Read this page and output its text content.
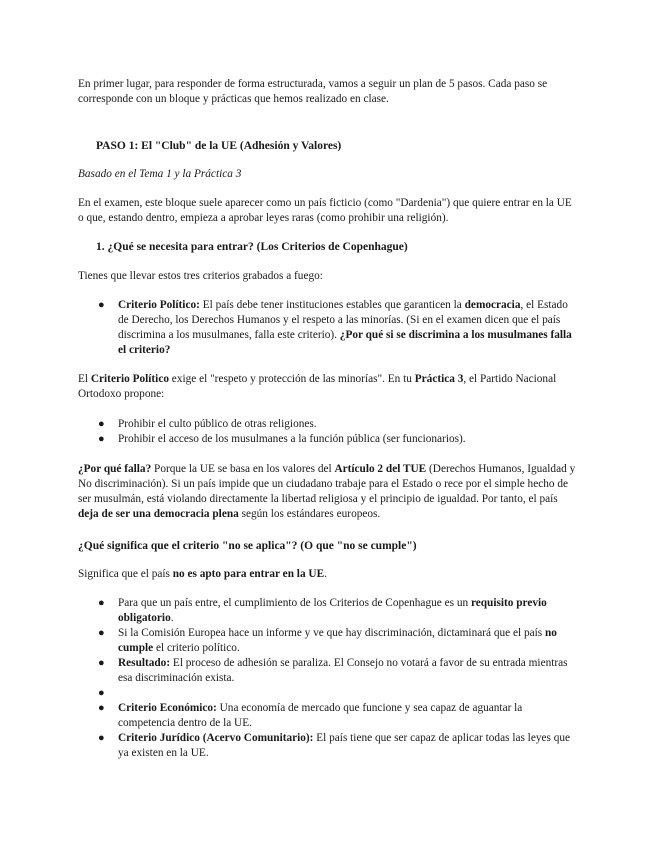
En primer lugar, para responder de forma estructurada, vamos a seguir un plan de 5 pasos. Cada paso se corresponde con un bloque y prácticas que hemos realizado en clase.

PASO 1: El "Club" de la UE (Adhesión y Valores)

Basado en el Tema 1 y la Práctica 3

En el examen, este bloque suele aparecer como un país ficticio (como "Dardenia") que quiere entrar en la UE o que, estando dentro, empieza a aprobar leyes raras (como prohibir una religión).

1. ¿Qué se necesita para entrar? (Los Criterios de Copenhague)

Tienes que llevar estos tres criterios grabados a fuego:

● Criterio Político: El país debe tener instituciones estables que garanticen la democracia, el Estado de Derecho, los Derechos Humanos y el respeto a las minorías. (Si en el examen dicen que el país discrimina a los musulmanes, falla este criterio). ¿Por qué si se discrimina a los musulmanes falla el criterio?

El Criterio Político exige el "respeto y protección de las minorías". En tu Práctica 3, el Partido Nacional Ortodoxo propone:

● Prohibir el culto público de otras religiones.
● Prohibir el acceso de los musulmanes a la función pública (ser funcionarios).

¿Por qué falla? Porque la UE se basa en los valores del Artículo 2 del TUE (Derechos Humanos, Igualdad y No discriminación). Si un país impide que un ciudadano trabaje para el Estado o rece por el simple hecho de ser musulmán, está violando directamente la libertad religiosa y el principio de igualdad. Por tanto, el país deja de ser una democracia plena según los estándares europeos.

¿Qué significa que el criterio "no se aplica"? (O que "no se cumple")

Significa que el país no es apto para entrar en la UE.

● Para que un país entre, el cumplimiento de los Criterios de Copenhague es un requisito previo obligatorio.
● Si la Comisión Europea hace un informe y ve que hay discriminación, dictaminará que el país no cumple el criterio político.
● Resultado: El proceso de adhesión se paraliza. El Consejo no votará a favor de su entrada mientras esa discriminación exista.
●

● Criterio Económico: Una economía de mercado que funcione y sea capaz de aguantar la competencia dentro de la UE.
● Criterio Jurídico (Acervo Comunitario): El país tiene que ser capaz de aplicar todas las leyes que ya existen en la UE.
